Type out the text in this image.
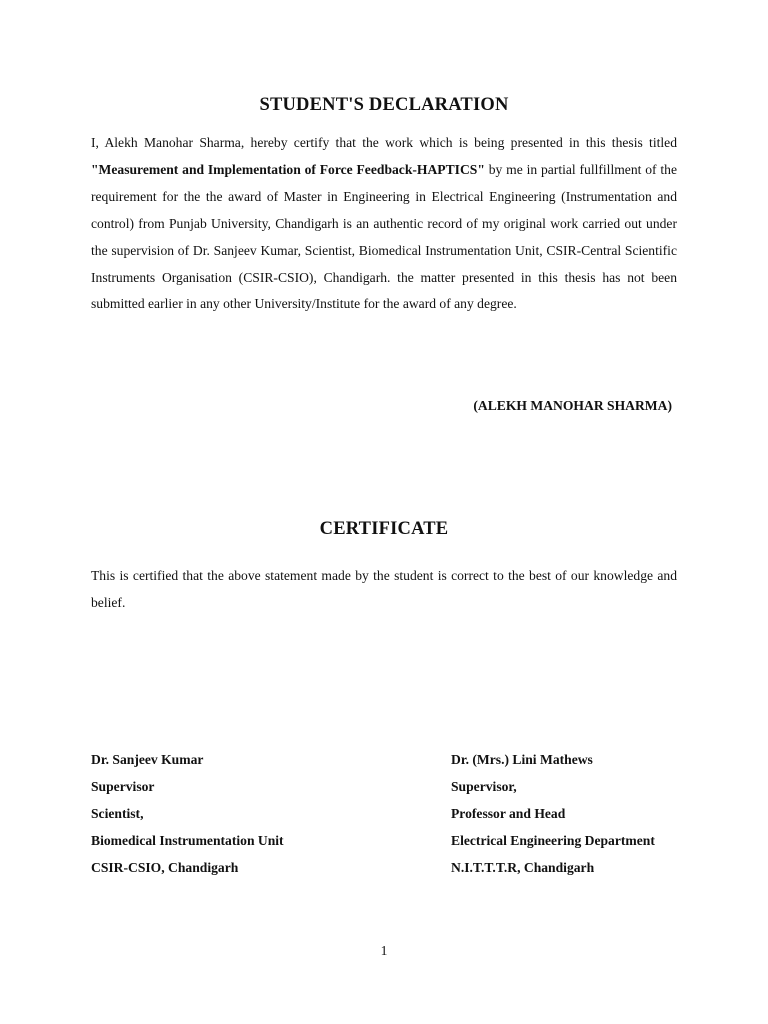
STUDENT'S DECLARATION
I, Alekh Manohar Sharma, hereby certify that the work which is being presented in this thesis titled "Measurement and Implementation of Force Feedback-HAPTICS" by me in partial fullfillment of the requirement for the the award of Master in Engineering in Electrical Engineering (Instrumentation and control) from Punjab University, Chandigarh is an authentic record of my original work carried out under the supervision of Dr. Sanjeev Kumar, Scientist, Biomedical Instrumentation Unit, CSIR-Central Scientific Instruments Organisation (CSIR-CSIO), Chandigarh. the matter presented in this thesis has not been submitted earlier in any other University/Institute for the award of any degree.
(ALEKH MANOHAR SHARMA)
CERTIFICATE
This is certified that the above statement made by the student is correct to the best of our knowledge and belief.
Dr. Sanjeev Kumar
Supervisor
Scientist,
Biomedical Instrumentation Unit
CSIR-CSIO, Chandigarh
Dr. (Mrs.) Lini Mathews
Supervisor,
Professor and Head
Electrical Engineering Department
N.I.T.T.T.R, Chandigarh
1
